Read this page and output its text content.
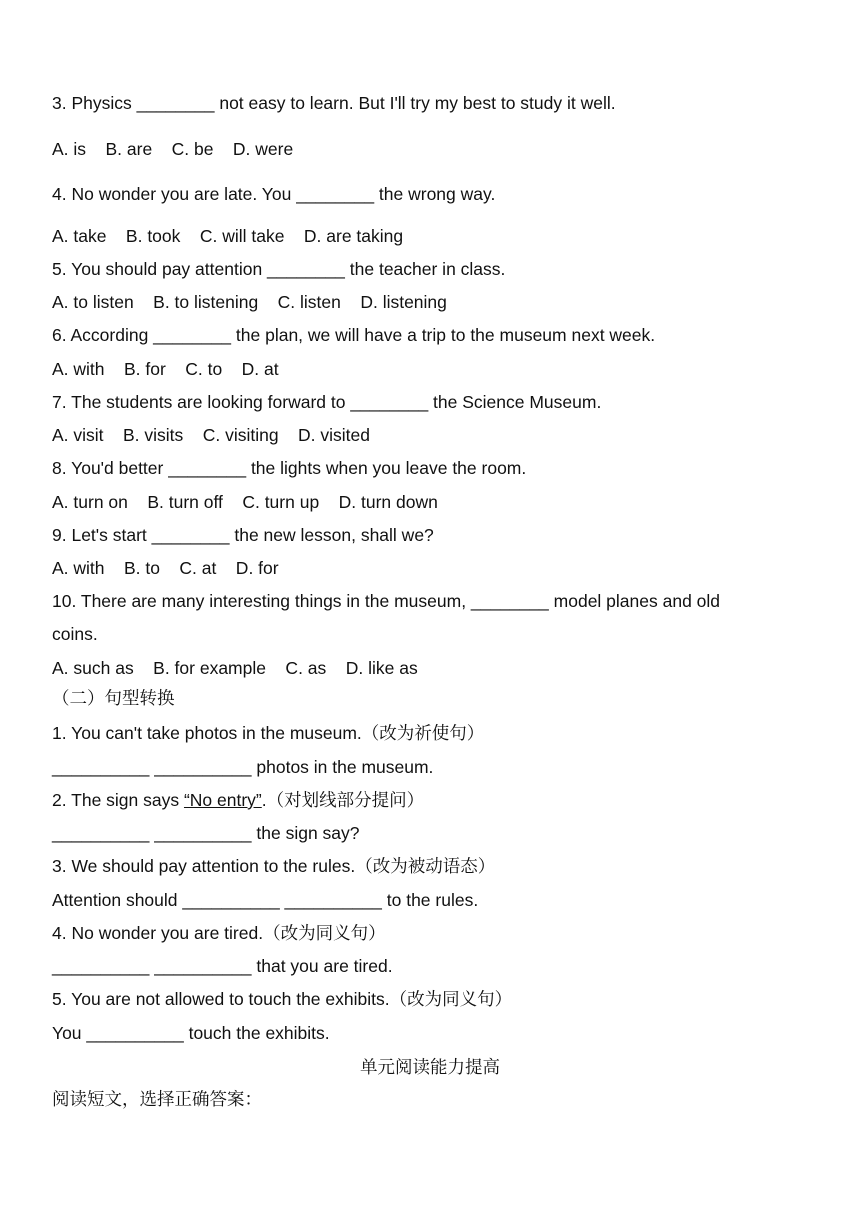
3. Physics ________ not easy to learn. But I'll try my best to study it well.
A. is    B. are    C. be    D. were
4. No wonder you are late. You ________ the wrong way.
A. take    B. took    C. will take    D. are taking
5. You should pay attention ________ the teacher in class.
A. to listen    B. to listening    C. listen    D. listening
6. According ________ the plan, we will have a trip to the museum next week.
A. with    B. for    C. to    D. at
7. The students are looking forward to ________ the Science Museum.
A. visit    B. visits    C. visiting    D. visited
8. You'd better ________ the lights when you leave the room.
A. turn on    B. turn off    C. turn up    D. turn down
9. Let's start ________ the new lesson, shall we?
A. with    B. to    C. at    D. for
10. There are many interesting things in the museum, ________ model planes and old
coins.
A. such as    B. for example    C. as    D. like as
（二）句型转换
1. You can't take photos in the museum.（改为祈使句）
__________ __________ photos in the museum.
2. The sign says “No entry”.（对划线部分提问）
__________ __________ the sign say?
3. We should pay attention to the rules.（改为被动语态）
Attention should __________ __________ to the rules.
4. No wonder you are tired.（改为同义句）
__________ __________ that you are tired.
5. You are not allowed to touch the exhibits.（改为同义句）
You __________ touch the exhibits.
单元阅读能力提高
阅读短文，选择正确答案：
